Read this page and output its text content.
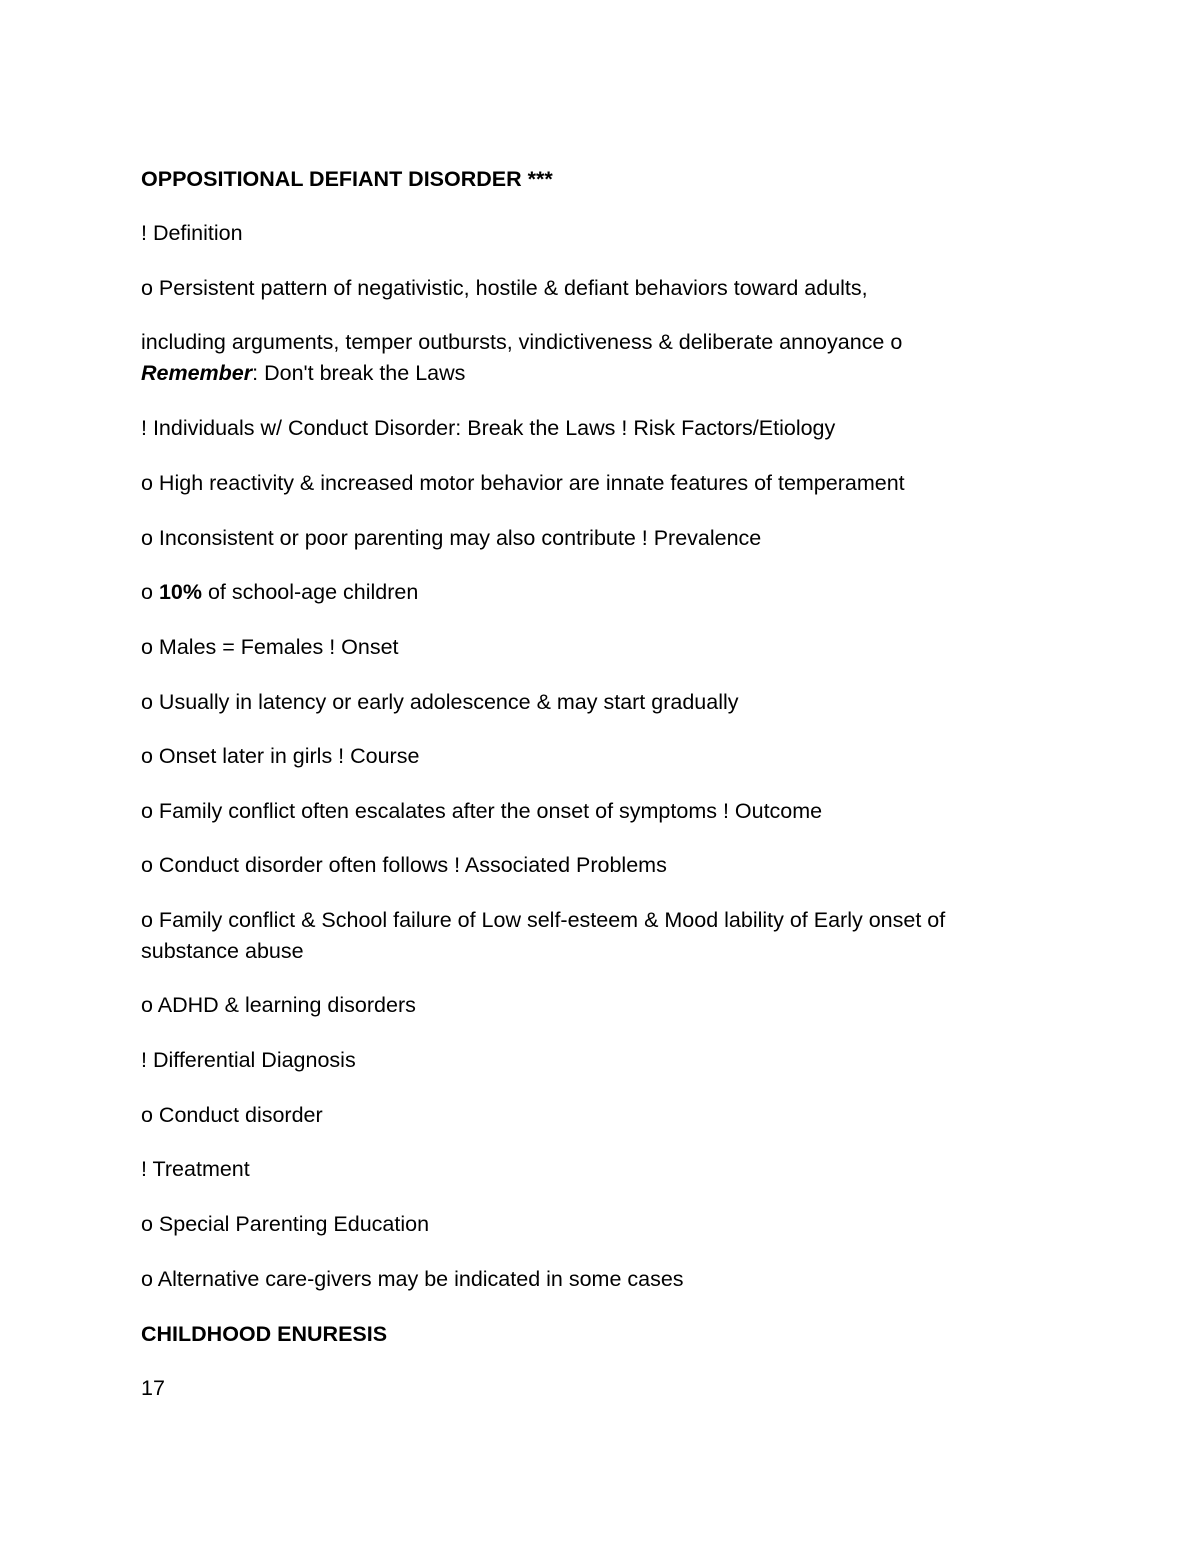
OPPOSITIONAL DEFIANT DISORDER ***
! Definition
o Persistent pattern of negativistic, hostile & defiant behaviors toward adults,
including arguments, temper outbursts, vindictiveness & deliberate annoyance o
Remember: Don't break the Laws
! Individuals w/ Conduct Disorder: Break the Laws ! Risk Factors/Etiology
o High reactivity & increased motor behavior are innate features of temperament
o Inconsistent or poor parenting may also contribute ! Prevalence
o 10% of school-age children
o Males = Females ! Onset
o Usually in latency or early adolescence & may start gradually
o Onset later in girls ! Course
o Family conflict often escalates after the onset of symptoms ! Outcome
o Conduct disorder often follows ! Associated Problems
o Family conflict & School failure of Low self-esteem & Mood lability of Early onset of substance abuse
o ADHD & learning disorders
! Differential Diagnosis
o Conduct disorder
! Treatment
o Special Parenting Education
o Alternative care-givers may be indicated in some cases
CHILDHOOD ENURESIS
17
